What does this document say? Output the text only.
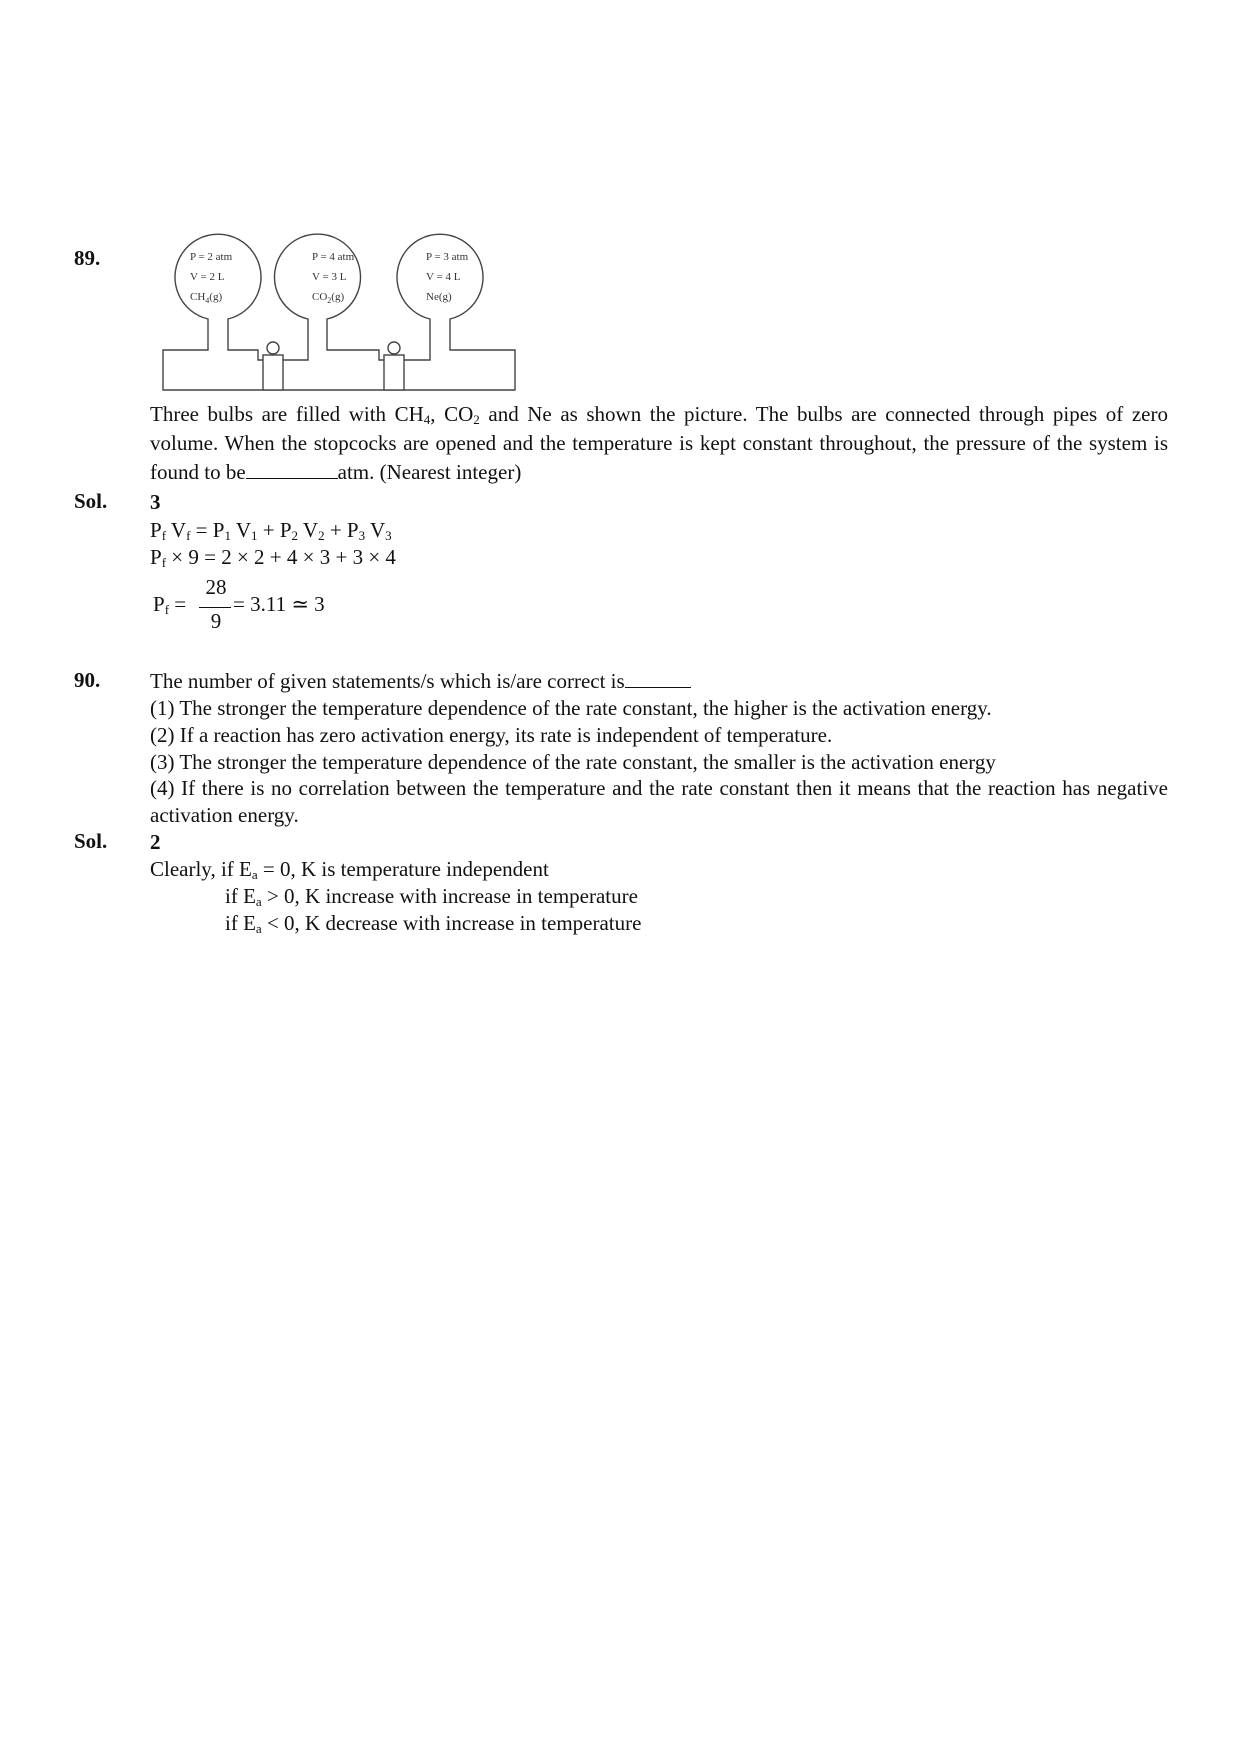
89.	P = 2 atm
V = 2 L
$CH_4(g)$
P = 4 atm
V = 3 L
$CO_2(g)$
P = 3 atm
V = 4 L
Ne(g)
Three bulbs are filled with $CH_4$, $CO_2$ and Ne as shown the picture. The bulbs are connected through pipes of zero volume. When the stopcocks are opened and the temperature is kept constant throughout, the pressure of the system is found to be	atm. (Nearest integer)
Sol. 3
$P_f$ $V_f = P_1$ $V_1 + P_2$ $V_2 + P_3$ $V_3$
$P_f \times 9 = 2 \times 2 + 4 \times 3 + 3 \times 4$
$P_f$ =
28
9
= 3.11 ≃ 3
90. The number of given statements/s which is/are correct is
(1) The stronger the temperature dependence of the rate constant, the higher is the activation energy.
(2) If a reaction has zero activation energy, its rate is independent of temperature.
(3) The stronger the temperature dependence of the rate constant, the smaller is the activation energy
(4) If there is no correlation between the temperature and the rate constant then it means that the reaction has negative activation energy.
Sol. 2
Clearly, if $E_a = 0$, K is temperature independent
if $E_a > 0$, K increase with increase in temperature
if $E_a < 0$, K decrease with increase in temperature
